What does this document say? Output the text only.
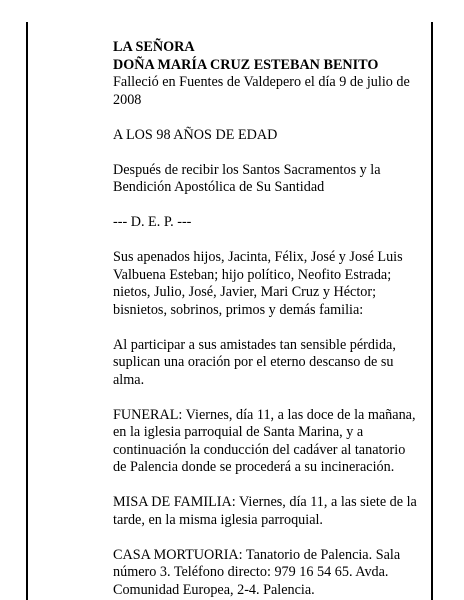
LA SEÑORA
DOÑA MARÍA CRUZ ESTEBAN BENITO
Falleció en Fuentes de Valdepero el día 9 de julio de 2008
A LOS 98 AÑOS DE EDAD
Después de recibir los Santos Sacramentos y la Bendición Apostólica de Su Santidad
--- D. E. P. ---
Sus apenados hijos, Jacinta, Félix, José y José Luis Valbuena Esteban; hijo político, Neofito Estrada; nietos, Julio, José, Javier, Mari Cruz y Héctor; bisnietos, sobrinos, primos y demás familia:
Al participar a sus amistades tan sensible pérdida, suplican una oración por el eterno descanso de su alma.
FUNERAL: Viernes, día 11, a las doce de la mañana, en la iglesia parroquial de Santa Marina, y a continuación la conducción del cadáver al tanatorio de Palencia donde se procederá a su incineración.
MISA DE FAMILIA: Viernes, día 11, a las siete de la tarde, en la misma iglesia parroquial.
CASA MORTUORIA: Tanatorio de Palencia. Sala número 3. Teléfono directo: 979 16 54 65. Avda. Comunidad Europea, 2-4. Palencia.
